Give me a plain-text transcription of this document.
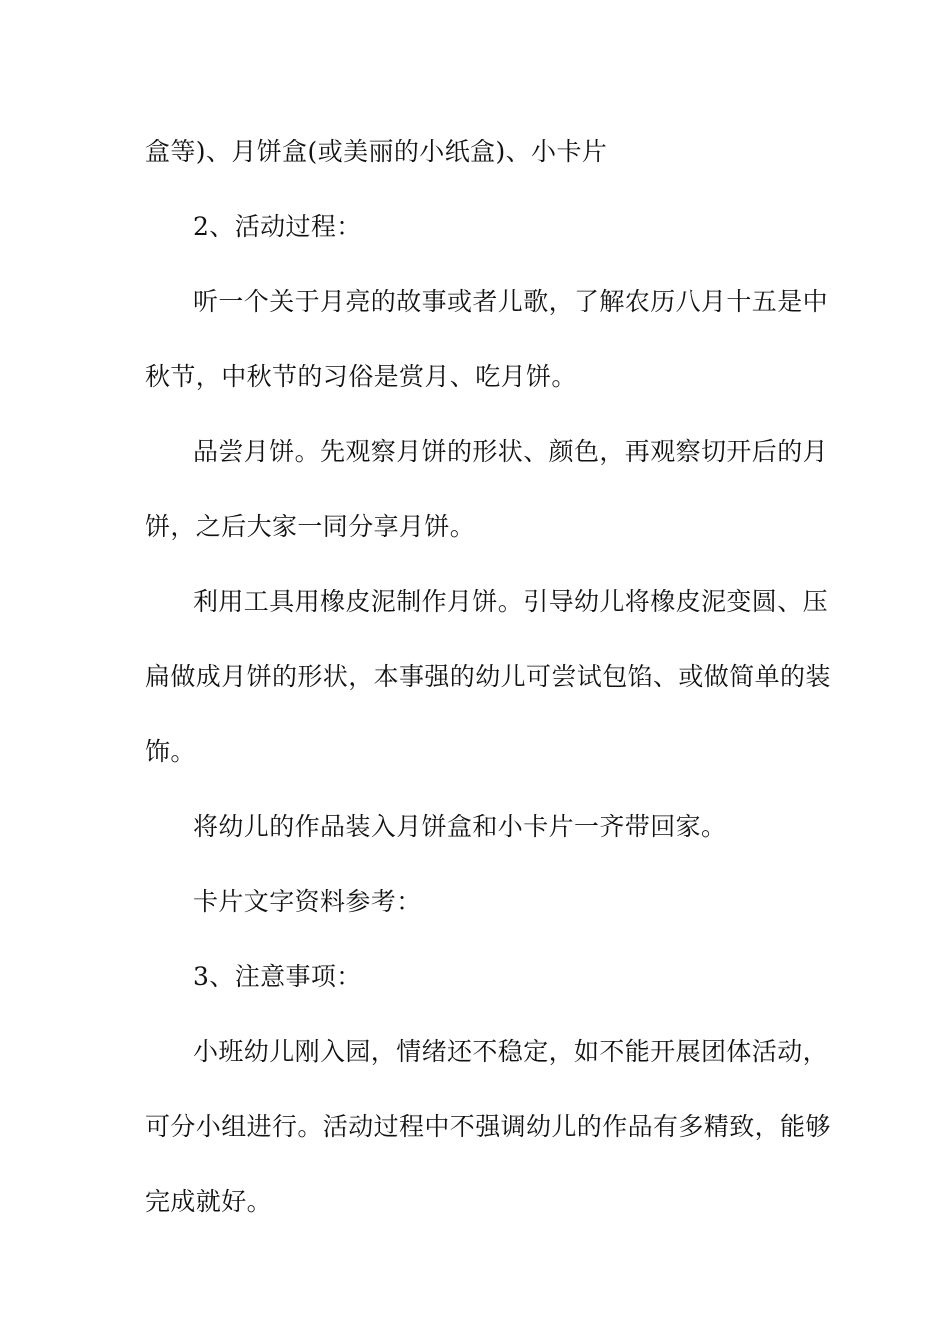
盒等)、月饼盒(或美丽的小纸盒)、小卡片
2、活动过程：
听一个关于月亮的故事或者儿歌，了解农历八月十五是中
秋节，中秋节的习俗是赏月、吃月饼。
品尝月饼。先观察月饼的形状、颜色，再观察切开后的月
饼，之后大家一同分享月饼。
利用工具用橡皮泥制作月饼。引导幼儿将橡皮泥变圆、压
扁做成月饼的形状，本事强的幼儿可尝试包馅、或做简单的装
饰。
将幼儿的作品装入月饼盒和小卡片一齐带回家。
卡片文字资料参考：
3、注意事项：
小班幼儿刚入园，情绪还不稳定，如不能开展团体活动，
可分小组进行。活动过程中不强调幼儿的作品有多精致，能够
完成就好。
